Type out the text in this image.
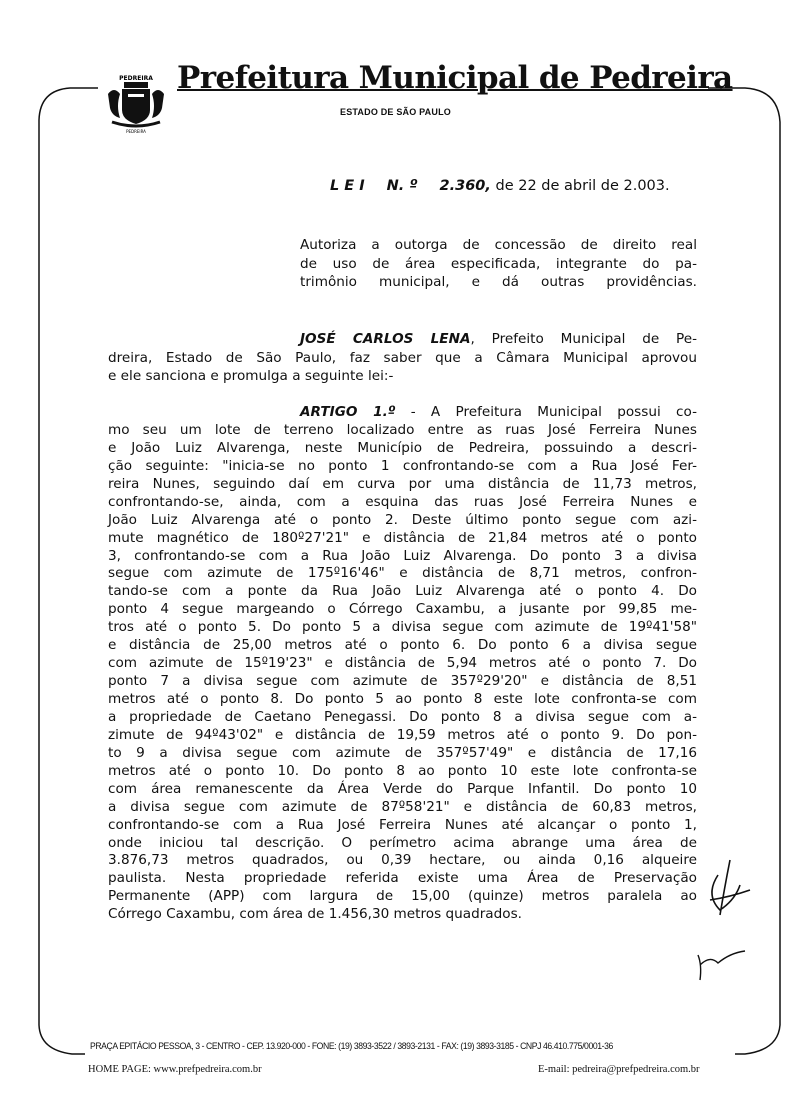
PEDREIRA
PEDREIRA
Prefeitura Municipal de Pedreira
ESTADO DE SÃO PAULO
L E I N. º 2.360, de 22 de abril de 2.003.
Autoriza a outorga de concessão de direito real
de uso de área especificada, integrante do pa-
trimônio municipal, e dá outras providências.
JOSÉ CARLOS LENA, Prefeito Municipal de Pe-
dreira, Estado de São Paulo, faz saber que a Câmara Municipal aprovou
e ele sanciona e promulga a seguinte lei:-
ARTIGO 1.º - A Prefeitura Municipal possui co-
mo seu um lote de terreno localizado entre as ruas José Ferreira Nunes
e João Luiz Alvarenga, neste Município de Pedreira, possuindo a descri-
ção seguinte: "inicia-se no ponto 1 confrontando-se com a Rua José Fer-
reira Nunes, seguindo daí em curva por uma distância de 11,73 metros,
confrontando-se, ainda, com a esquina das ruas José Ferreira Nunes e
João Luiz Alvarenga até o ponto 2. Deste último ponto segue com azi-
mute magnético de 180º27'21" e distância de 21,84 metros até o ponto
3, confrontando-se com a Rua João Luiz Alvarenga. Do ponto 3 a divisa
segue com azimute de 175º16'46" e distância de 8,71 metros, confron-
tando-se com a ponte da Rua João Luiz Alvarenga até o ponto 4. Do
ponto 4 segue margeando o Córrego Caxambu, a jusante por 99,85 me-
tros até o ponto 5. Do ponto 5 a divisa segue com azimute de 19º41'58"
e distância de 25,00 metros até o ponto 6. Do ponto 6 a divisa segue
com azimute de 15º19'23" e distância de 5,94 metros até o ponto 7. Do
ponto 7 a divisa segue com azimute de 357º29'20" e distância de 8,51
metros até o ponto 8. Do ponto 5 ao ponto 8 este lote confronta-se com
a propriedade de Caetano Penegassi. Do ponto 8 a divisa segue com a-
zimute de 94º43'02" e distância de 19,59 metros até o ponto 9. Do pon-
to 9 a divisa segue com azimute de 357º57'49" e distância de 17,16
metros até o ponto 10. Do ponto 8 ao ponto 10 este lote confronta-se
com área remanescente da Área Verde do Parque Infantil. Do ponto 10
a divisa segue com azimute de 87º58'21" e distância de 60,83 metros,
confrontando-se com a Rua José Ferreira Nunes até alcançar o ponto 1,
onde iniciou tal descrição. O perímetro acima abrange uma área de
3.876,73 metros quadrados, ou 0,39 hectare, ou ainda 0,16 alqueire
paulista. Nesta propriedade referida existe uma Área de Preservação
Permanente (APP) com largura de 15,00 (quinze) metros paralela ao
Córrego Caxambu, com área de 1.456,30 metros quadrados.
PRAÇA EPITÁCIO PESSOA, 3 - CENTRO - CEP. 13.920-000 - FONE: (19) 3893-3522 / 3893-2131 - FAX: (19) 3893-3185 - CNPJ 46.410.775/0001-36
HOME PAGE: www.prefpedreira.com.br	E-mail: pedreira@prefpedreira.com.br
